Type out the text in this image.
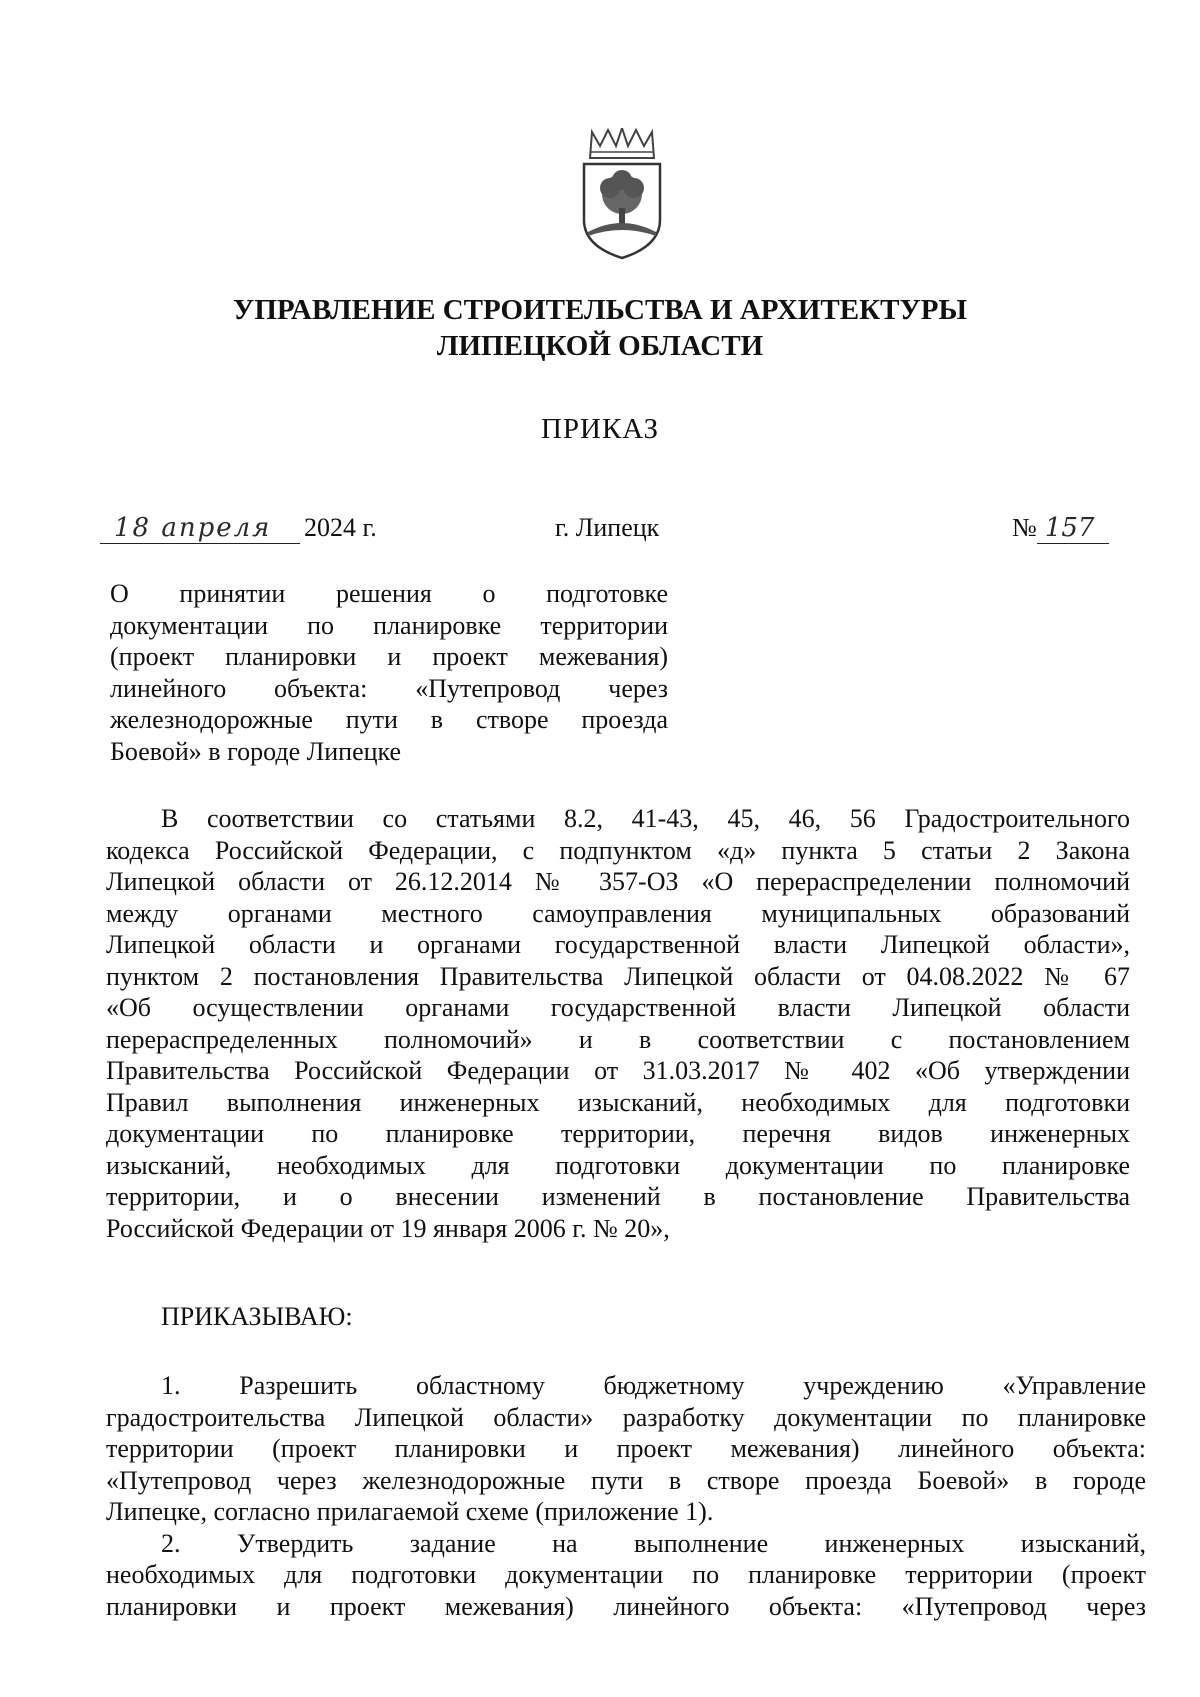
УПРАВЛЕНИЕ СТРОИТЕЛЬСТВА И АРХИТЕКТУРЫ
ЛИПЕЦКОЙ ОБЛАСТИ
ПРИКАЗ
18 апреля 2024 г.	г. Липецк	№ 157
О принятии решения о подготовке
документации по планировке территории
(проект планировки и проект межевания)
линейного объекта: «Путепровод через
железнодорожные пути в створе проезда
Боевой» в городе Липецке
В соответствии со статьями 8.2, 41-43, 45, 46, 56 Градостроительного
кодекса Российской Федерации, с подпунктом «д» пункта 5 статьи 2 Закона
Липецкой области от 26.12.2014 № 357-ОЗ «О перераспределении полномочий
между органами местного самоуправления муниципальных образований
Липецкой области и органами государственной власти Липецкой области»,
пунктом 2 постановления Правительства Липецкой области от 04.08.2022 № 67
«Об осуществлении органами государственной власти Липецкой области
перераспределенных полномочий» и в соответствии с постановлением
Правительства Российской Федерации от 31.03.2017 № 402 «Об утверждении
Правил выполнения инженерных изысканий, необходимых для подготовки
документации по планировке территории, перечня видов инженерных
изысканий, необходимых для подготовки документации по планировке
территории, и о внесении изменений в постановление Правительства
Российской Федерации от 19 января 2006 г. № 20»,
ПРИКАЗЫВАЮ:
1. Разрешить областному бюджетному учреждению «Управление
градостроительства Липецкой области» разработку документации по планировке
территории (проект планировки и проект межевания) линейного объекта:
«Путепровод через железнодорожные пути в створе проезда Боевой» в городе
Липецке, согласно прилагаемой схеме (приложение 1).
2. Утвердить задание на выполнение инженерных изысканий,
необходимых для подготовки документации по планировке территории (проект
планировки и проект межевания) линейного объекта: «Путепровод через
